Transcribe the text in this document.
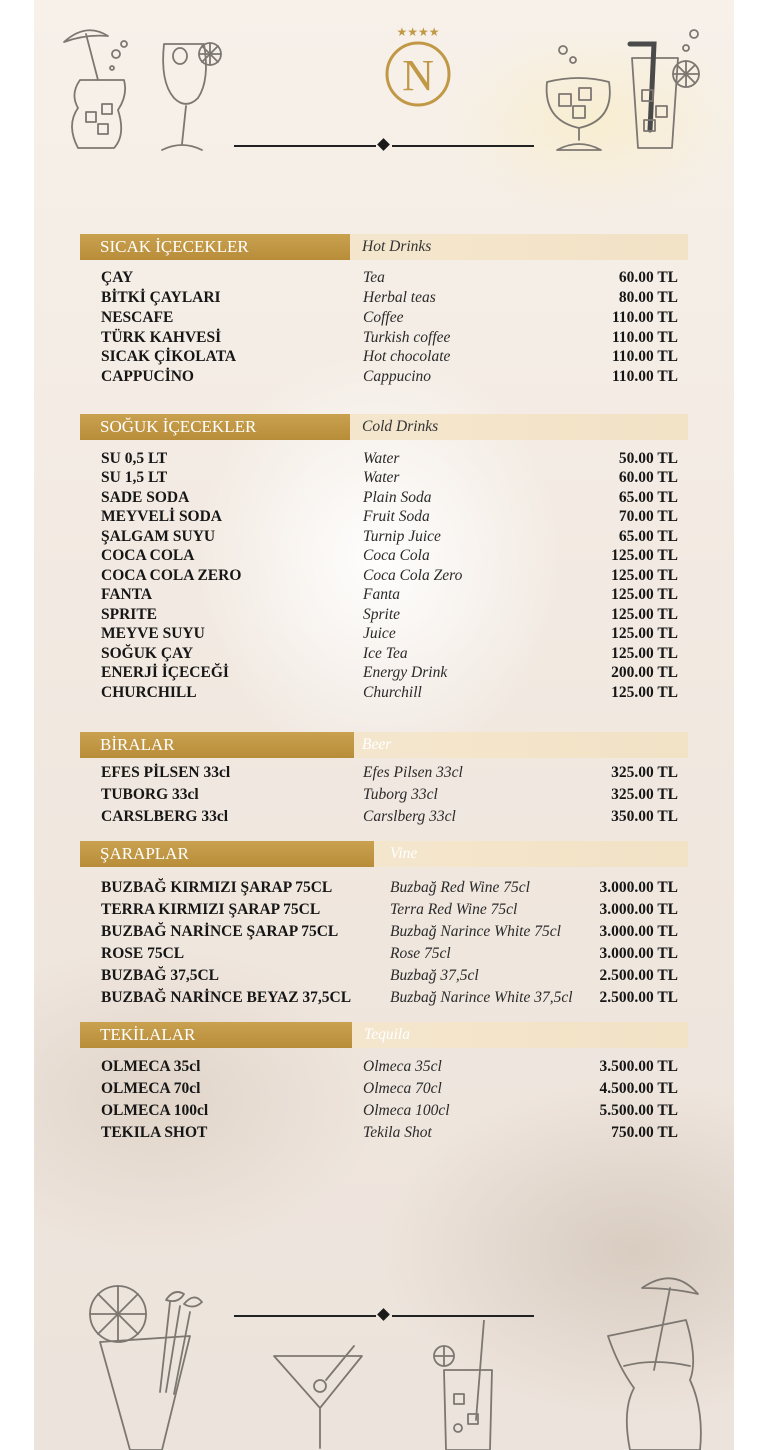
★★★★
N
SICAK İÇECEKLER	Hot Drinks
ÇAY	Tea	60.00 TL
BİTKİ ÇAYLARI	Herbal teas	80.00 TL
NESCAFE	Coffee	110.00 TL
TÜRK KAHVESİ	Turkish coffee	110.00 TL
SICAK ÇİKOLATA	Hot chocolate	110.00 TL
CAPPUCİNO	Cappucino	110.00 TL
SOĞUK İÇECEKLER	Cold Drinks
SU 0,5 LT	Water	50.00 TL
SU 1,5 LT	Water	60.00 TL
SADE SODA	Plain Soda	65.00 TL
MEYVELİ SODA	Fruit Soda	70.00 TL
ŞALGAM SUYU	Turnip Juice	65.00 TL
COCA COLA	Coca Cola	125.00 TL
COCA COLA ZERO	Coca Cola Zero	125.00 TL
FANTA	Fanta	125.00 TL
SPRITE	Sprite	125.00 TL
MEYVE SUYU	Juice	125.00 TL
SOĞUK ÇAY	Ice Tea	125.00 TL
ENERJİ İÇECEĞİ	Energy Drink	200.00 TL
CHURCHILL	Churchill	125.00 TL
BİRALAR	Beer
EFES PİLSEN 33cl	Efes Pilsen 33cl	325.00 TL
TUBORG 33cl	Tuborg 33cl	325.00 TL
CARSLBERG 33cl	Carslberg 33cl	350.00 TL
ŞARAPLAR	Vine
BUZBAĞ KIRMIZI ŞARAP 75CL	Buzbağ Red Wine 75cl	3.000.00 TL
TERRA KIRMIZI ŞARAP 75CL	Terra Red Wine 75cl	3.000.00 TL
BUZBAĞ NARİNCE ŞARAP 75CL	Buzbağ Narince White 75cl 3.000.00 TL
ROSE 75CL	Rose 75cl	3.000.00 TL
BUZBAĞ 37,5CL	Buzbağ 37,5cl	2.500.00 TL
BUZBAĞ NARİNCE BEYAZ 37,5CL	Buzbağ Narince White 37,5cl 2.500.00 TL
TEKİLALAR	Tequila
OLMECA 35cl	Olmeca 35cl	3.500.00 TL
OLMECA 70cl	Olmeca 70cl	4.500.00 TL
OLMECA 100cl	Olmeca 100cl	5.500.00 TL
TEKILA SHOT	Tekila Shot	750.00 TL
